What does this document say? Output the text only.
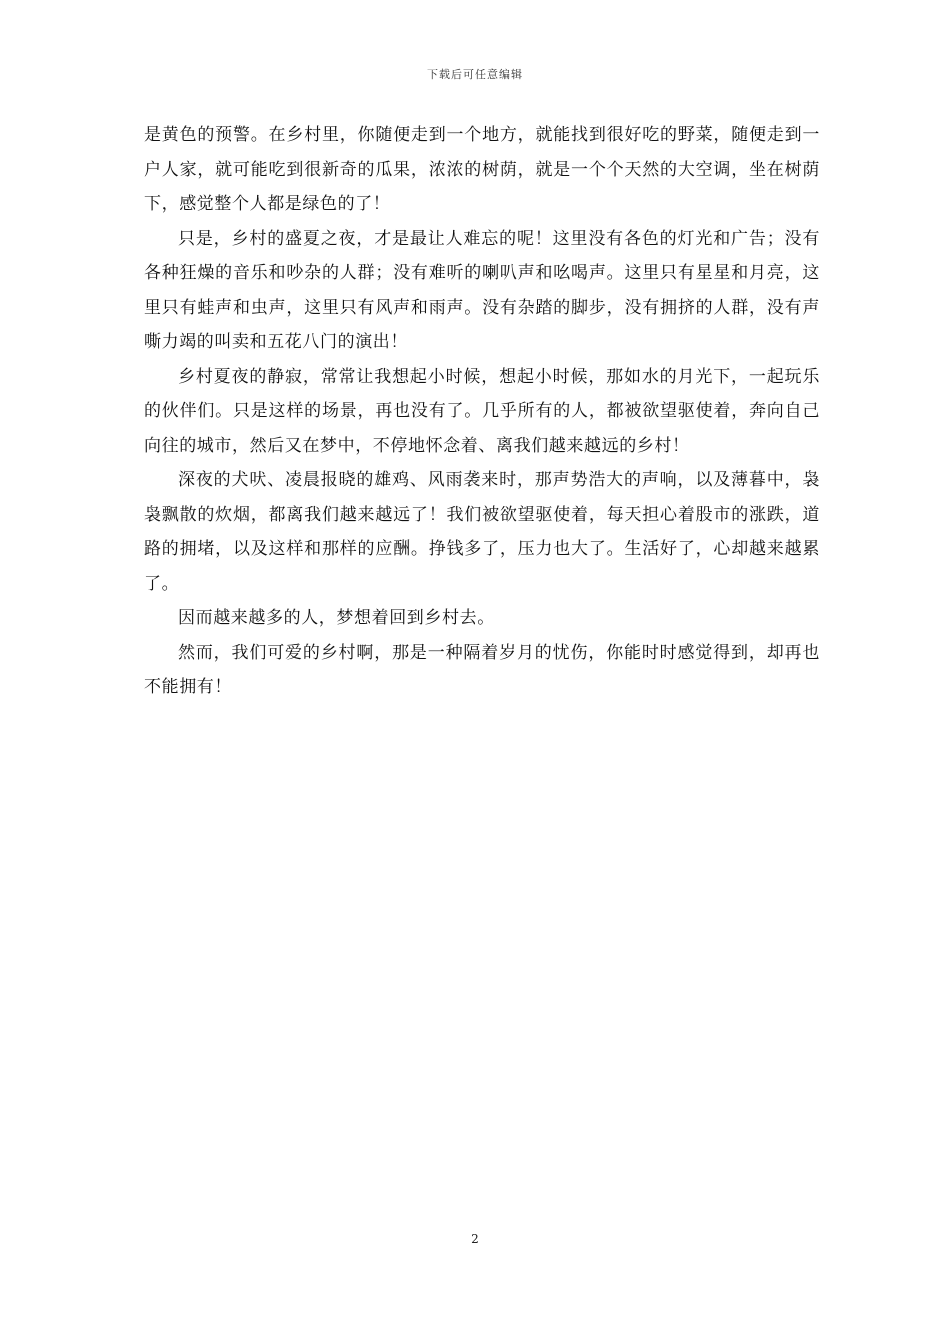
下载后可任意编辑

是黄色的预警。在乡村里，你随便走到一个地方，就能找到很好吃的野菜，随便走到一户人家，就可能吃到很新奇的瓜果，浓浓的树荫，就是一个个天然的大空调，坐在树荫下，感觉整个人都是绿色的了！

只是，乡村的盛夏之夜，才是最让人难忘的呢！这里没有各色的灯光和广告；没有各种狂燥的音乐和吵杂的人群；没有难听的喇叭声和吆喝声。这里只有星星和月亮，这里只有蛙声和虫声，这里只有风声和雨声。没有杂踏的脚步，没有拥挤的人群，没有声嘶力竭的叫卖和五花八门的演出！

乡村夏夜的静寂，常常让我想起小时候，想起小时候，那如水的月光下，一起玩乐的伙伴们。只是这样的场景，再也没有了。几乎所有的人，都被欲望驱使着，奔向自己向往的城市，然后又在梦中，不停地怀念着、离我们越来越远的乡村！

深夜的犬吠、凌晨报晓的雄鸡、风雨袭来时，那声势浩大的声响，以及薄暮中，袅袅飘散的炊烟，都离我们越来越远了！我们被欲望驱使着，每天担心着股市的涨跌，道路的拥堵，以及这样和那样的应酬。挣钱多了，压力也大了。生活好了，心却越来越累了。

因而越来越多的人，梦想着回到乡村去。

然而，我们可爱的乡村啊，那是一种隔着岁月的忧伤，你能时时感觉得到，却再也不能拥有！

2
